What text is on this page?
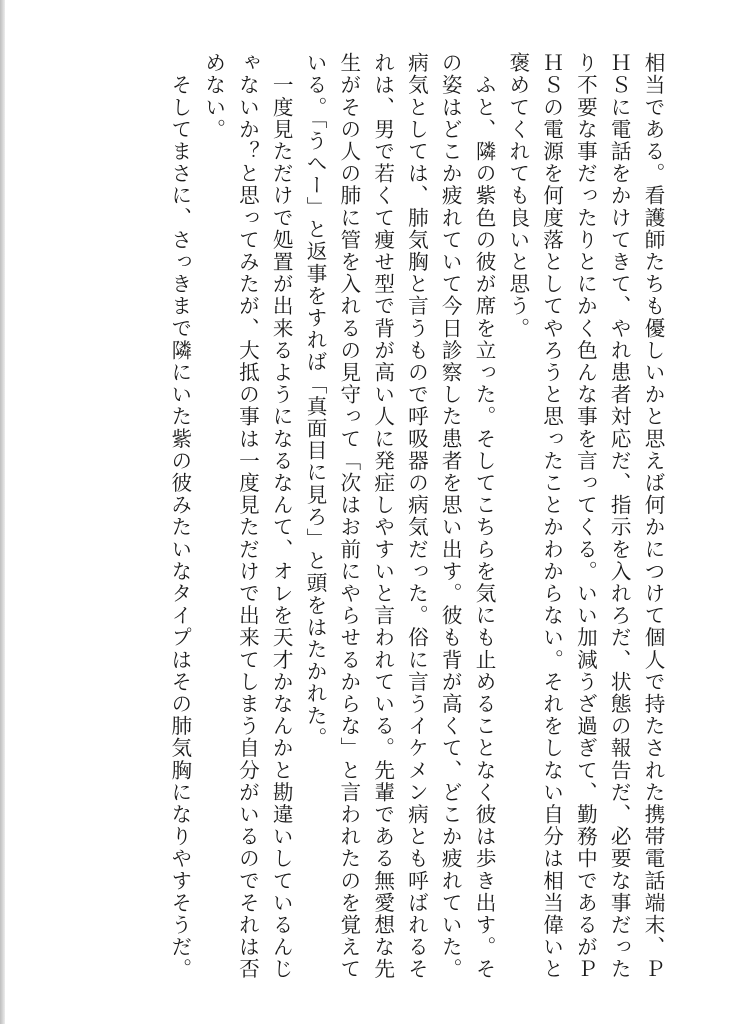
相当である。看護師たちも優しいかと思えば何かにつけて個人で持たされた携帯電話端末、ＰＨＳに電話をかけてきて、やれ患者対応だ、指示を入れろだ、状態の報告だ、必要な事だったり不要な事だったりとにかく色んな事を言ってくる。いい加減うざ過ぎて、勤務中であるがＰＨＳの電源を何度落としてやろうと思ったことかわからない。それをしない自分は相当偉いと褒めてくれても良いと思う。

　ふと、隣の紫色の彼が席を立った。そしてこちらを気にも止めることなく彼は歩き出す。その姿はどこか疲れていて今日診察した患者を思い出す。彼も背が高くて、どこか疲れていた。病気としては、肺気胸と言うもので呼吸器の病気だった。俗に言うイケメン病とも呼ばれるそれは、男で若くて痩せ型で背が高い人に発症しやすいと言われている。先輩である無愛想な先生がその人の肺に管を入れるの見守って「次はお前にやらせるからな」と言われたのを覚えている。「うへー」と返事をすれば「真面目に見ろ」と頭をはたかれた。

　一度見ただけで処置が出来るようになるなんて、オレを天才かなんかと勘違いしているんじゃないか？と思ってみたが、大抵の事は一度見ただけで出来てしまう自分がいるのでそれは否めない。

　そしてまさに、さっきまで隣にいた紫の彼みたいなタイプはその肺気胸になりやすそうだ。
